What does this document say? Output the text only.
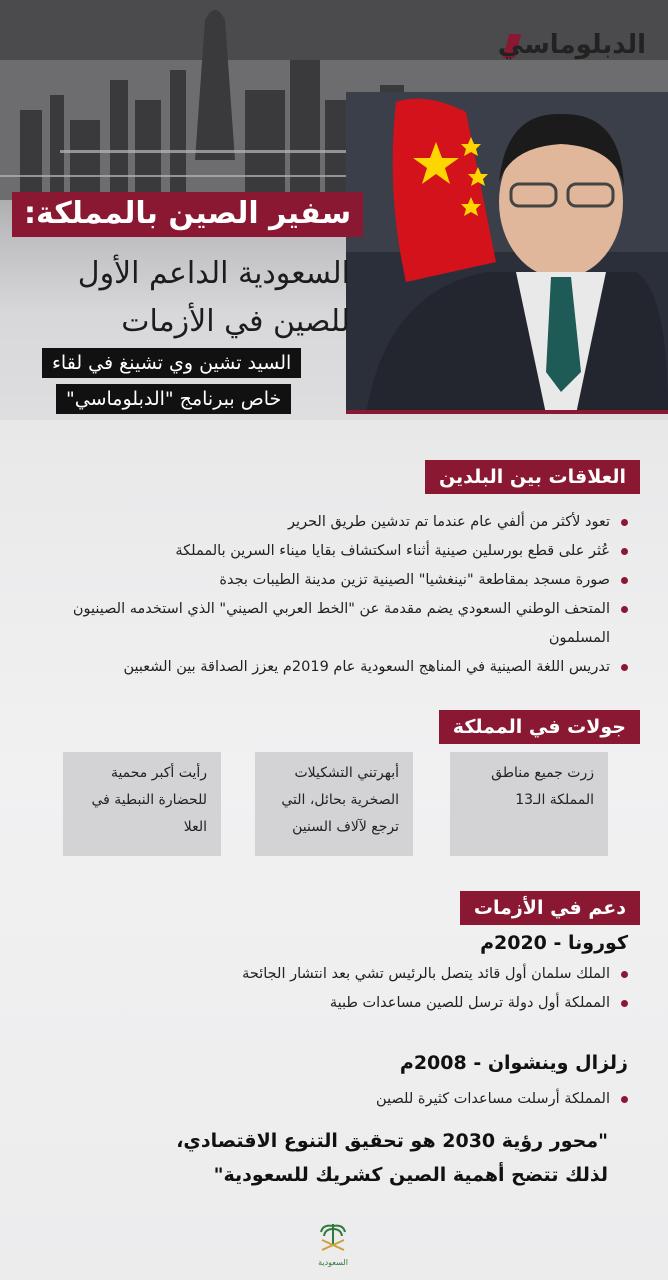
الدبلوماسي
سفير الصين بالمملكة:
السعودية الداعم الأول
للصين في الأزمات
السيد تشين وي تشينغ في لقاء
خاص ببرنامج "الدبلوماسي"
العلاقات بين البلدين
تعود لأكثر من ألفي عام عندما تم تدشين طريق الحرير
عُثر على قطع بورسلين صينية أثناء اسكتشاف بقايا ميناء السرين بالمملكة
صورة مسجد بمقاطعة "نينغشيا" الصينية تزين مدينة الطيبات بجدة
المتحف الوطني السعودي يضم مقدمة عن "الخط العربي الصيني" الذي استخدمه الصينيون المسلمون
تدريس اللغة الصينية في المناهج السعودية عام 2019م يعزز الصداقة بين الشعبين
جولات في المملكة
زرت جميع مناطق المملكة الـ13
أبهرتني التشكيلات الصخرية بحائل، التي ترجع لآلاف السنين
رأيت أكبر محمية للحضارة النبطية في العلا
دعم في الأزمات
كورونا - 2020م
الملك سلمان أول قائد يتصل بالرئيس تشي بعد انتشار الجائحة
المملكة أول دولة ترسل للصين مساعدات طبية
زلزال وينشوان - 2008م
المملكة أرسلت مساعدات كثيرة للصين
"محور رؤية 2030 هو تحقيق التنوع الاقتصادي،
لذلك تتضح أهمية الصين كشريك للسعودية"
السعودية
